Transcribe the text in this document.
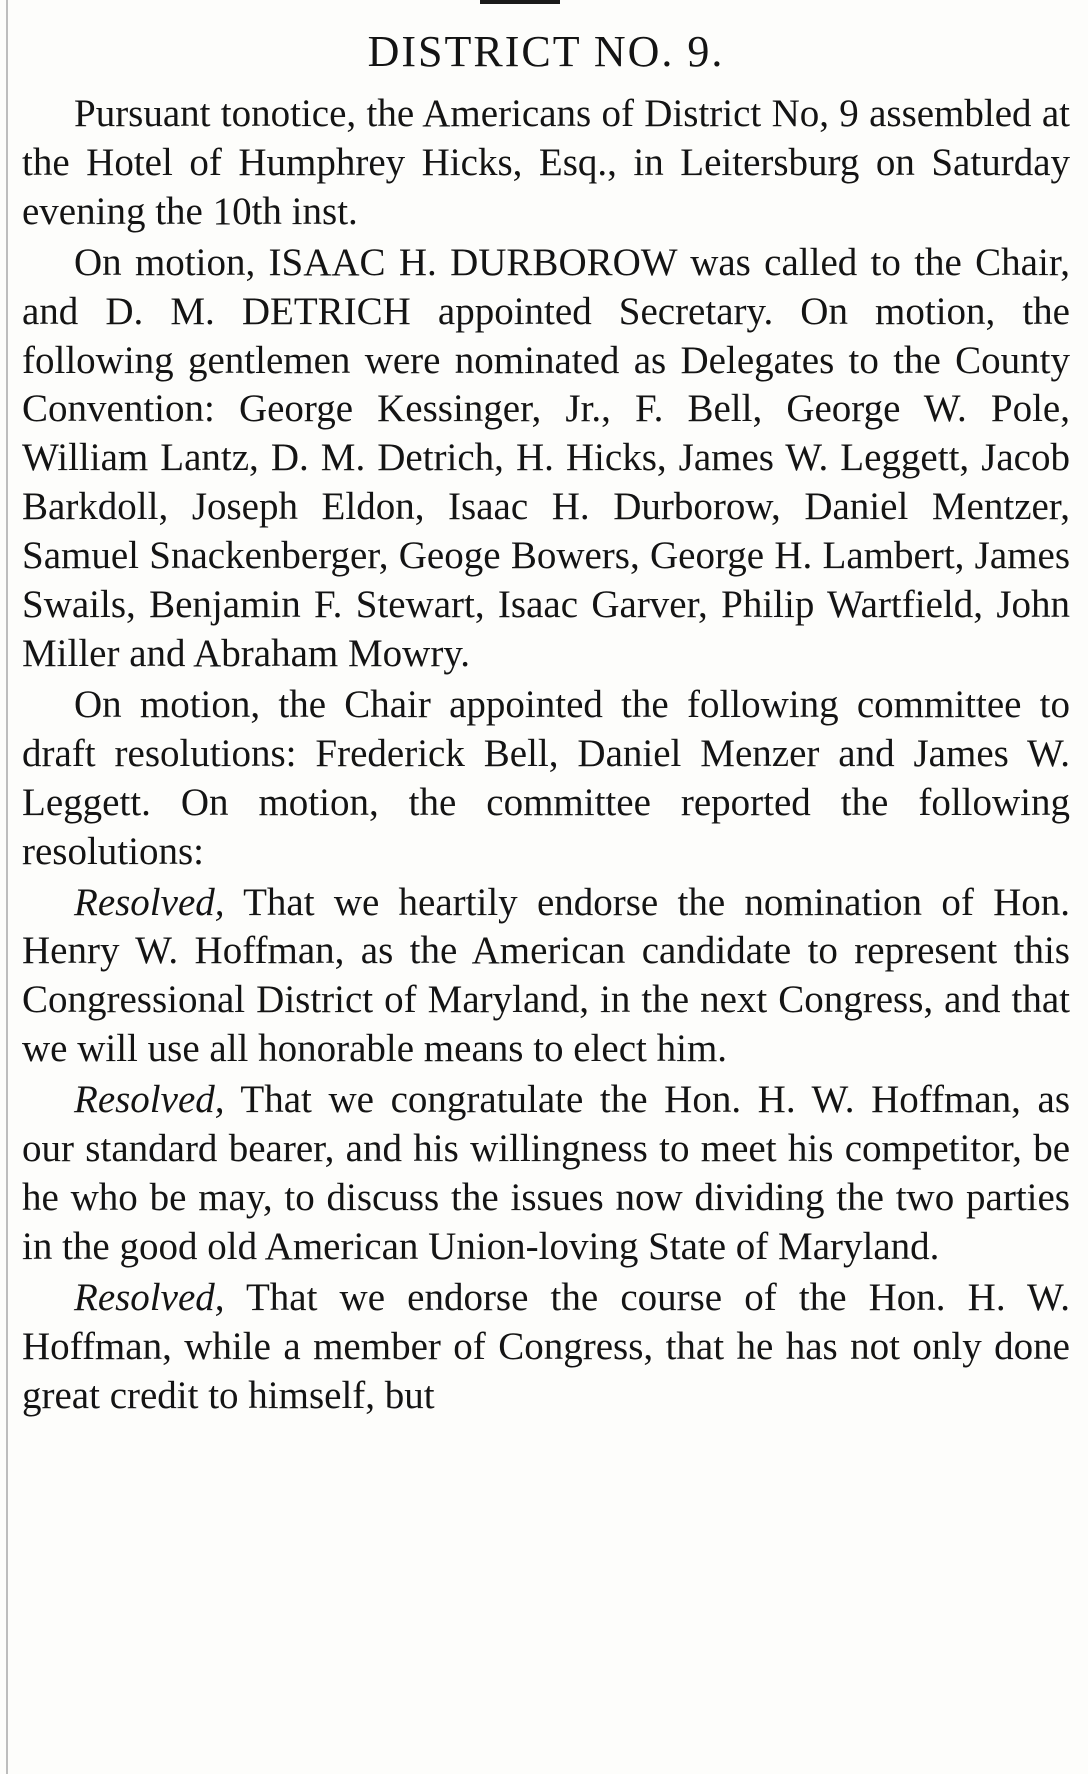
DISTRICT NO. 9.

Pursuant tonotice, the Americans of District No, 9 assembled at the Hotel of Humphrey Hicks, Esq., in Leitersburg on Saturday evening the 10th inst.

On motion, ISAAC H. DURBOROW was called to the Chair, and D. M. DETRICH appointed Secretary. On motion, the following gentlemen were nominated as Delegates to the County Convention: George Kessinger, Jr., F. Bell, George W. Pole, William Lantz, D. M. Detrich, H. Hicks, James W. Leggett, Jacob Barkdoll, Joseph Eldon, Isaac H. Durborow, Daniel Mentzer, Samuel Snackenberger, Geoge Bowers, George H. Lambert, James Swails, Benjamin F. Stewart, Isaac Garver, Philip Wartfield, John Miller and Abraham Mowry.

On motion, the Chair appointed the following committee to draft resolutions: Frederick Bell, Daniel Menzer and James W. Leggett. On motion, the committee reported the following resolutions:

Resolved, That we heartily endorse the nomination of Hon. Henry W. Hoffman, as the American candidate to represent this Congressional District of Maryland, in the next Congress, and that we will use all honorable means to elect him.

Resolved, That we congratulate the Hon. H. W. Hoffman, as our standard bearer, and his willingness to meet his competitor, be he who be may, to discuss the issues now dividing the two parties in the good old American Union-loving State of Maryland.

Resolved, That we endorse the course of the Hon. H. W. Hoffman, while a member of Congress, that he has not only done great credit to himself, but
